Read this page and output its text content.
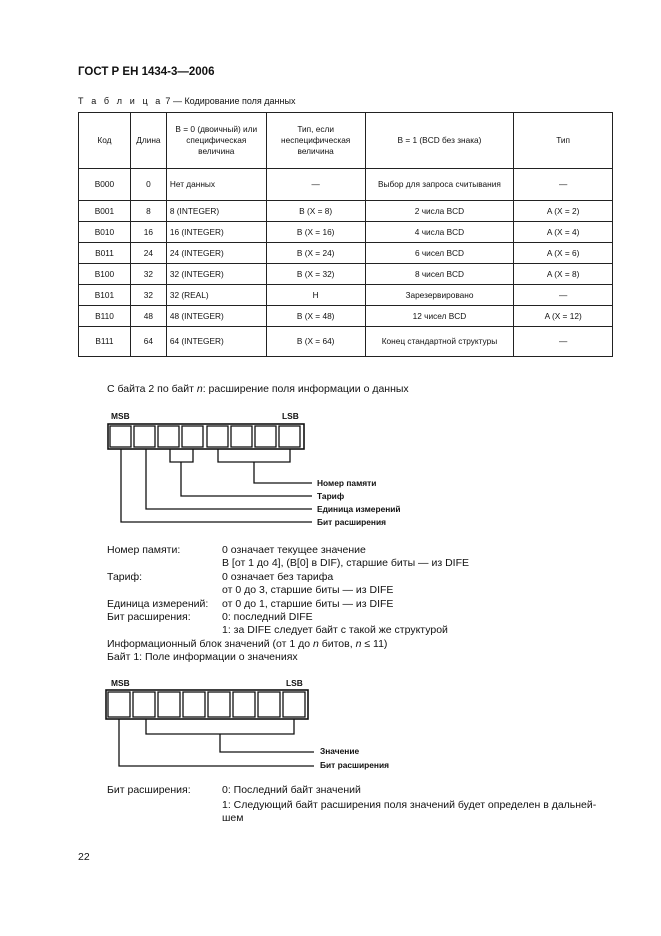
ГОСТ Р ЕН 1434-3—2006
Т а б л и ц а 7 — Кодирование поля данных
Код	Длина	B = 0 (двоичный) или специфическая величина	Тип, если неспецифическая величина	B = 1 (BCD без знака)	Тип
B000	0	Нет данных	—	Выбор для запроса считывания	—
B001	8	8 (INTEGER)	B (X = 8)	2 числа BCD	A (X = 2)
B010	16	16 (INTEGER)	B (X = 16)	4 числа BCD	A (X = 4)
B011	24	24 (INTEGER)	B (X = 24)	6 чисел BCD	A (X = 6)
B100	32	32 (INTEGER)	B (X = 32)	8 чисел BCD	A (X = 8)
B101	32	32 (REAL)	H	Зарезервировано	—
B110	48	48 (INTEGER)	B (X = 48)	12 чисел BCD	A (X = 12)
B111	64	64 (INTEGER)	B (X = 64)	Конец стандартной структуры	—
С байта 2 по байт n: расширение поля информации о данных
MSB	LSB
Номер памяти
Тариф
Единица измерений
Бит расширения
Номер памяти:	0 означает текущее значение
B [от 1 до 4], (B[0] в DIF), старшие биты — из DIFE
Тариф:	0 означает без тарифа
от 0 до 3, старшие биты — из DIFE
Единица измерений: от 0 до 1, старшие биты — из DIFE
Бит расширения:	0: последний DIFE
1: за DIFE следует байт с такой же структурой
Информационный блок значений (от 1 до n битов, n ≤ 11)
Байт 1: Поле информации о значениях
MSB	LSB
Значение
Бит расширения
Бит расширения:	0: Последний байт значений
1: Следующий байт расширения поля значений будет определен в дальней-
шем
22
